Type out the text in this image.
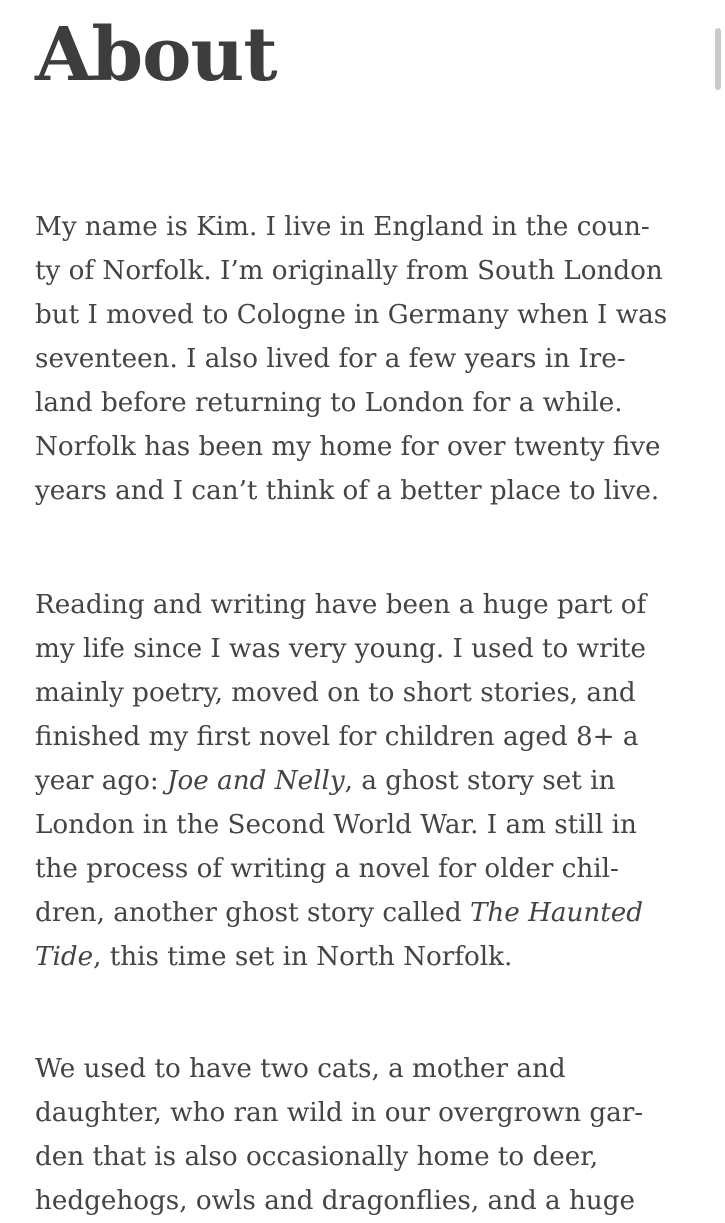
About

My name is Kim. I live in England in the coun-
ty of Norfolk. I’m originally from South London
but I moved to Cologne in Germany when I was
seventeen. I also lived for a few years in Ire-
land before returning to London for a while.
Norfolk has been my home for over twenty five
years and I can’t think of a better place to live.

Reading and writing have been a huge part of
my life since I was very young. I used to write
mainly poetry, moved on to short stories, and
finished my first novel for children aged 8+ a
year ago: Joe and Nelly, a ghost story set in
London in the Second World War. I am still in
the process of writing a novel for older chil-
dren, another ghost story called The Haunted
Tide, this time set in North Norfolk.

We used to have two cats, a mother and
daughter, who ran wild in our overgrown gar-
den that is also occasionally home to deer,
hedgehogs, owls and dragonflies, and a huge
